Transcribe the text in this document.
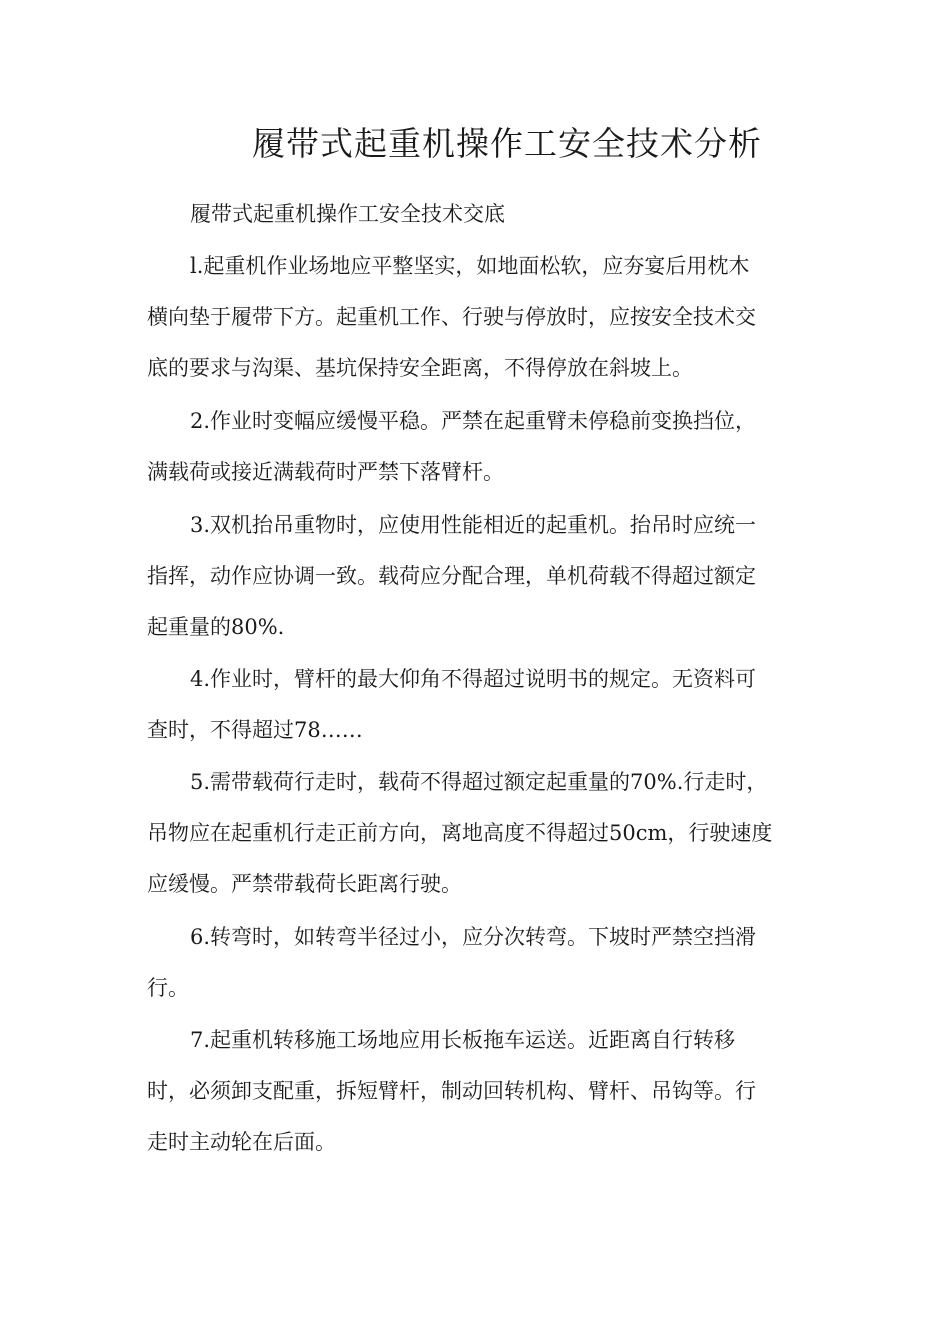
履带式起重机操作工安全技术分析
履带式起重机操作工安全技术交底
l.起重机作业场地应平整坚实，如地面松软，应夯宴后用枕木
横向垫于履带下方。起重机工作、行驶与停放时，应按安全技术交
底的要求与沟渠、基坑保持安全距离，不得停放在斜坡上。
2.作业时变幅应缓慢平稳。严禁在起重臂未停稳前变换挡位，
满载荷或接近满载荷时严禁下落臂杆。
3.双机抬吊重物时，应使用性能相近的起重机。抬吊时应统一
指挥，动作应协调一致。载荷应分配合理，单机荷载不得超过额定
起重量的80%.
4.作业时，臂杆的最大仰角不得超过说明书的规定。无资料可
查时，不得超过78……
5.需带载荷行走时，载荷不得超过额定起重量的70%.行走时，
吊物应在起重机行走正前方向，离地高度不得超过50cm，行驶速度
应缓慢。严禁带载荷长距离行驶。
6.转弯时，如转弯半径过小，应分次转弯。下坡时严禁空挡滑
行。
7.起重机转移施工场地应用长板拖车运送。近距离自行转移
时，必须卸支配重，拆短臂杆，制动回转机构、臂杆、吊钩等。行
走时主动轮在后面。
